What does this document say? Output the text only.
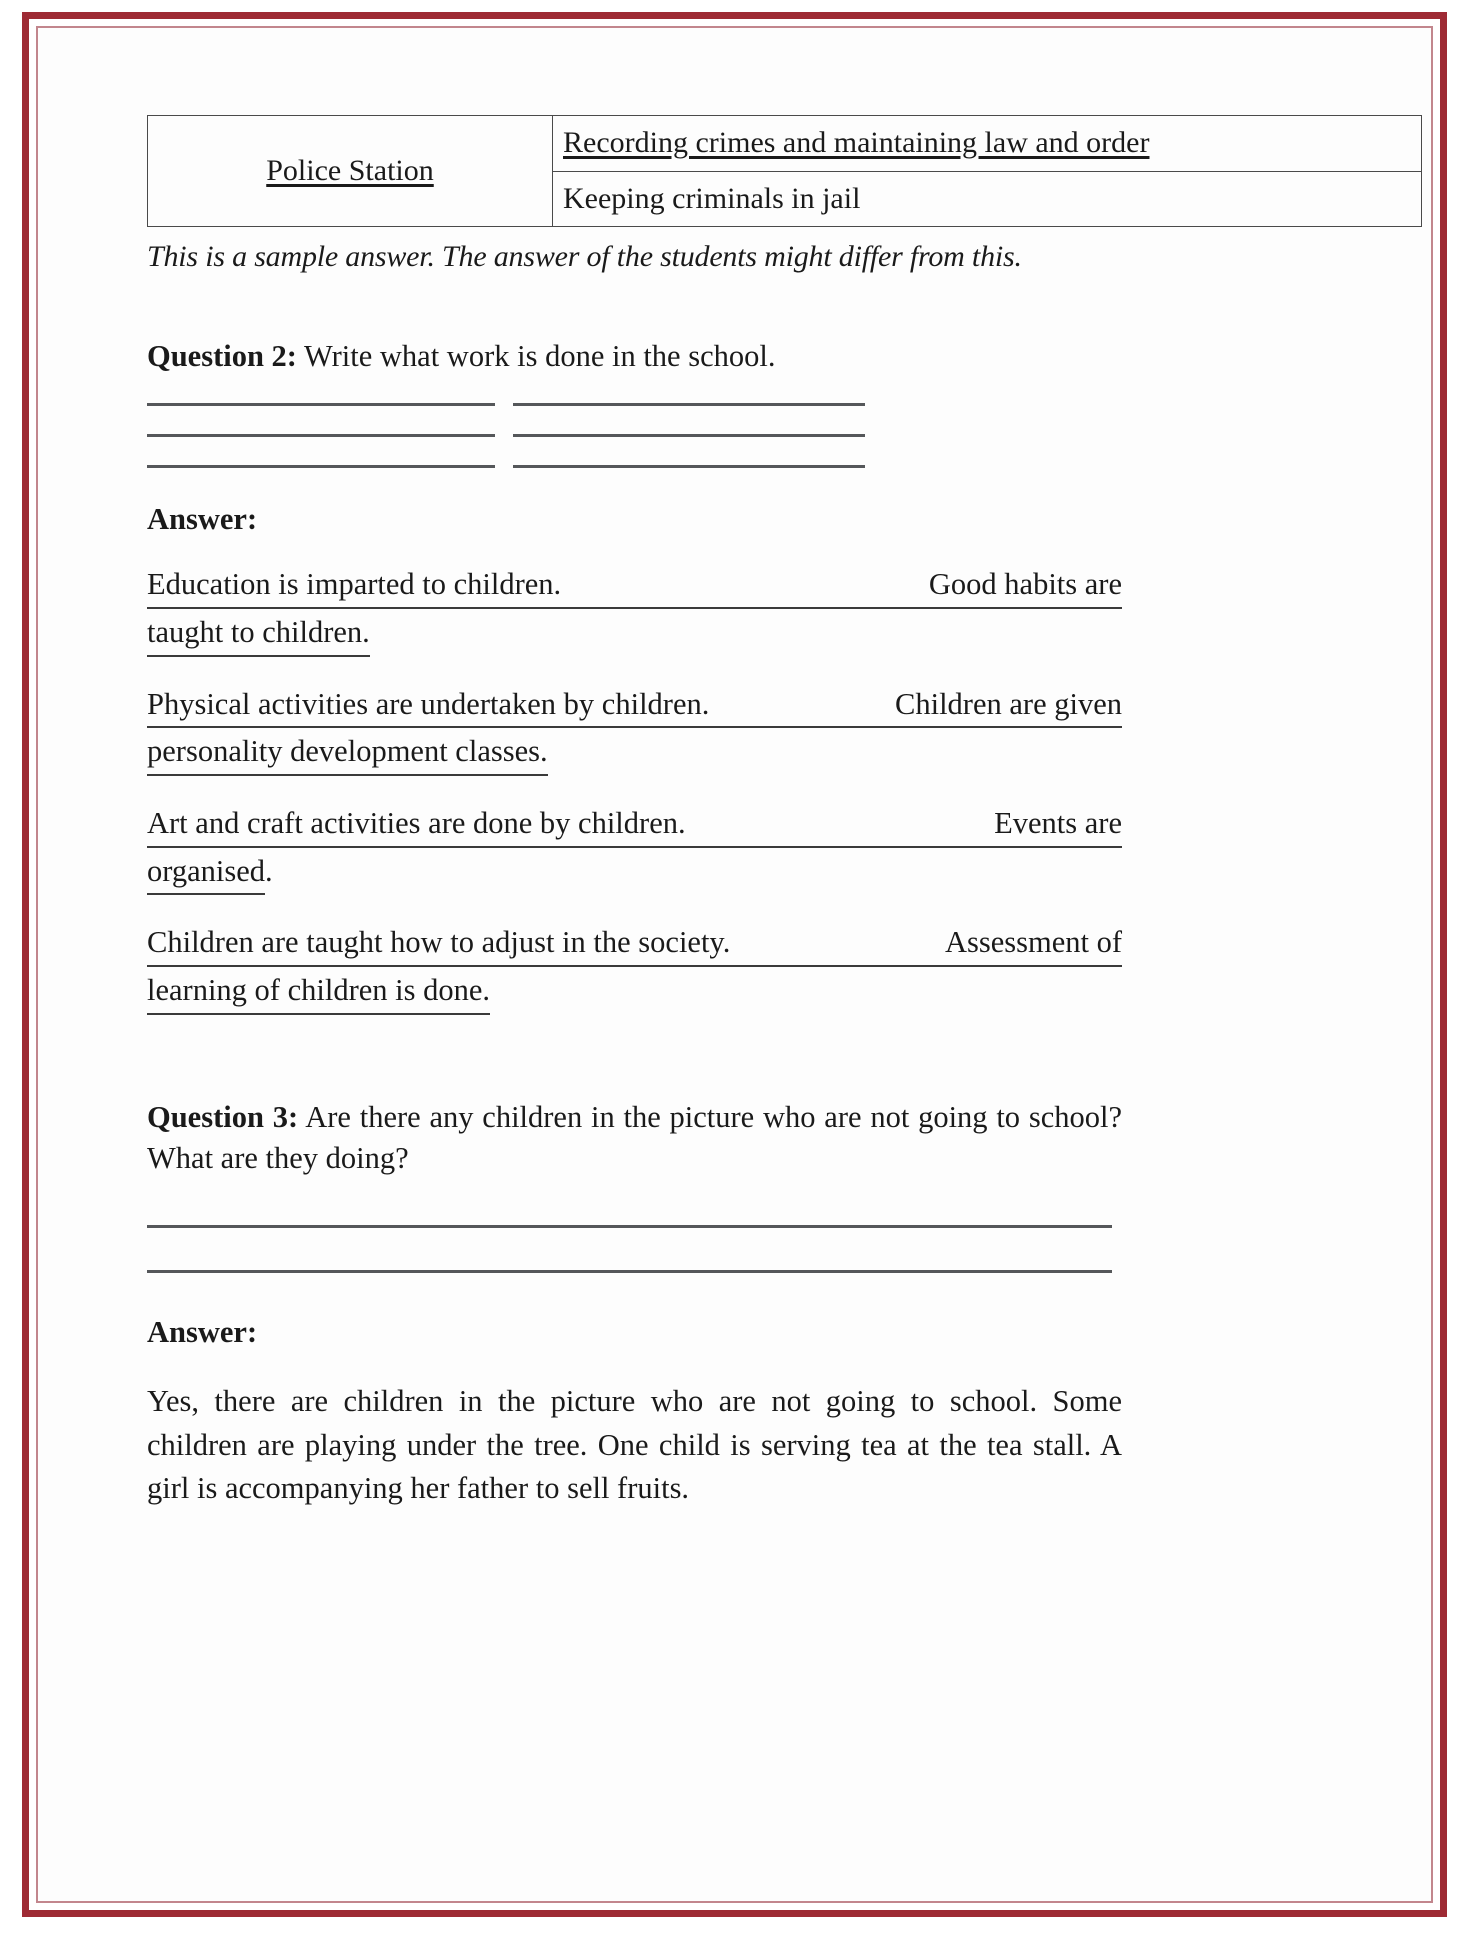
Police Station	Recording crimes and maintaining law and order
Keeping criminals in jail
This is a sample answer. The answer of the students might differ from this.
Question 2: Write what work is done in the school.
Answer:
Education is imparted to children.	Good habits are
taught to children.
Physical activities are undertaken by children.	Children are given
personality development classes.
Art and craft activities are done by children.	Events are
organised.
Children are taught how to adjust in the society.	Assessment of
learning of children is done.
Question 3: Are there any children in the picture who are not going to school? What are they doing?
Answer:
Yes, there are children in the picture who are not going to school. Some children are playing under the tree. One child is serving tea at the tea stall. A girl is accompanying her father to sell fruits.
